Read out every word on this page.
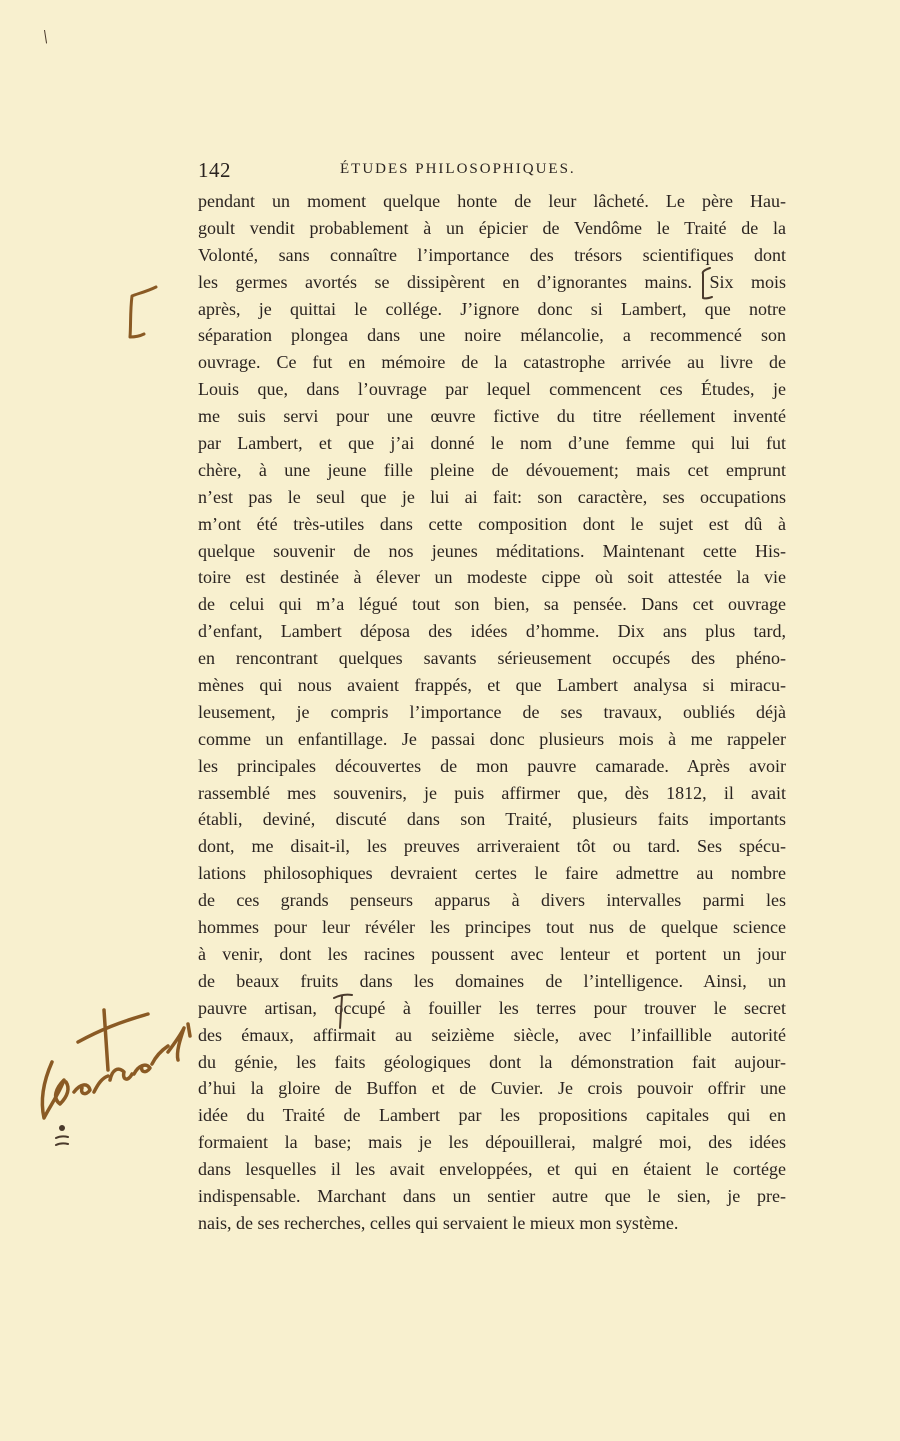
142	ÉTUDES PHILOSOPHIQUES.
pendant un moment quelque honte de leur lâcheté. Le père Hau-
goult vendit probablement à un épicier de Vendôme le Traité de la
Volonté, sans connaître l’importance des trésors scientifiques dont
les germes avortés se dissipèrent en d’ignorantes mains. Six mois
après, je quittai le collége. J’ignore donc si Lambert, que notre
séparation plongea dans une noire mélancolie, a recommencé son
ouvrage. Ce fut en mémoire de la catastrophe arrivée au livre de
Louis que, dans l’ouvrage par lequel commencent ces Études, je
me suis servi pour une œuvre fictive du titre réellement inventé
par Lambert, et que j’ai donné le nom d’une femme qui lui fut
chère, à une jeune fille pleine de dévouement; mais cet emprunt
n’est pas le seul que je lui ai fait: son caractère, ses occupations
m’ont été très-utiles dans cette composition dont le sujet est dû à
quelque souvenir de nos jeunes méditations. Maintenant cette His-
toire est destinée à élever un modeste cippe où soit attestée la vie
de celui qui m’a légué tout son bien, sa pensée. Dans cet ouvrage
d’enfant, Lambert déposa des idées d’homme. Dix ans plus tard,
en rencontrant quelques savants sérieusement occupés des phéno-
mènes qui nous avaient frappés, et que Lambert analysa si miracu-
leusement, je compris l’importance de ses travaux, oubliés déjà
comme un enfantillage. Je passai donc plusieurs mois à me rappeler
les principales découvertes de mon pauvre camarade. Après avoir
rassemblé mes souvenirs, je puis affirmer que, dès 1812, il avait
établi, deviné, discuté dans son Traité, plusieurs faits importants
dont, me disait-il, les preuves arriveraient tôt ou tard. Ses spécu-
lations philosophiques devraient certes le faire admettre au nombre
de ces grands penseurs apparus à divers intervalles parmi les
hommes pour leur révéler les principes tout nus de quelque science
à venir, dont les racines poussent avec lenteur et portent un jour
de beaux fruits dans les domaines de l’intelligence. Ainsi, un
pauvre artisan, occupé à fouiller les terres pour trouver le secret
des émaux, affirmait au seizième siècle, avec l’infaillible autorité
du génie, les faits géologiques dont la démonstration fait aujour-
d’hui la gloire de Buffon et de Cuvier. Je crois pouvoir offrir une
idée du Traité de Lambert par les propositions capitales qui en
formaient la base; mais je les dépouillerai, malgré moi, des idées
dans lesquelles il les avait enveloppées, et qui en étaient le cortége
indispensable. Marchant dans un sentier autre que le sien, je pre-
nais, de ses recherches, celles qui servaient le mieux mon système.
